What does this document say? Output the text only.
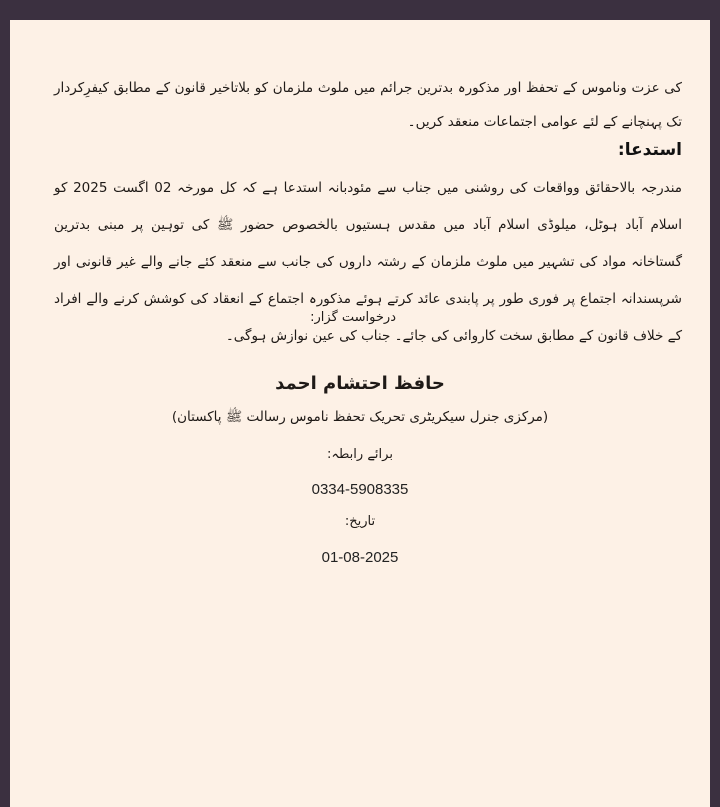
کی عزت وناموس کے تحفظ اور مذکورہ بدترین جرائم میں ملوث ملزمان کو بلاتاخیر قانون کے مطابق کیفرِکردار تک پہنچانے کے لئے عوامی اجتماعات منعقد کریں۔

استدعا:

مندرجہ بالاحقائق وواقعات کی روشنی میں جناب سے مئودبانہ استدعا ہے کہ کل مورخہ 02 اگست 2025 کو اسلام آباد ہوٹل، میلوڈی اسلام آباد میں مقدس ہستیوں بالخصوص حضور ﷺ کی توہین پر مبنی بدترین گستاخانہ مواد کی تشہیر میں ملوث ملزمان کے رشتہ داروں کی جانب سے منعقد کئے جانے والے غیر قانونی اور شرپسندانہ اجتماع پر فوری طور پر پابندی عائد کرتے ہوئے مذکورہ اجتماع کے انعقاد کی کوشش کرنے والے افراد کے خلاف قانون کے مطابق سخت کاروائی کی جائے۔ جناب کی عین نوازش ہوگی۔

درخواست گزار:
حافظ احتشام احمد
(مرکزی جنرل سیکریٹری تحریک تحفظ ناموس رسالت ﷺ پاکستان)
برائے رابطہ:
0334-5908335
تاریخ:
01-08-2025
